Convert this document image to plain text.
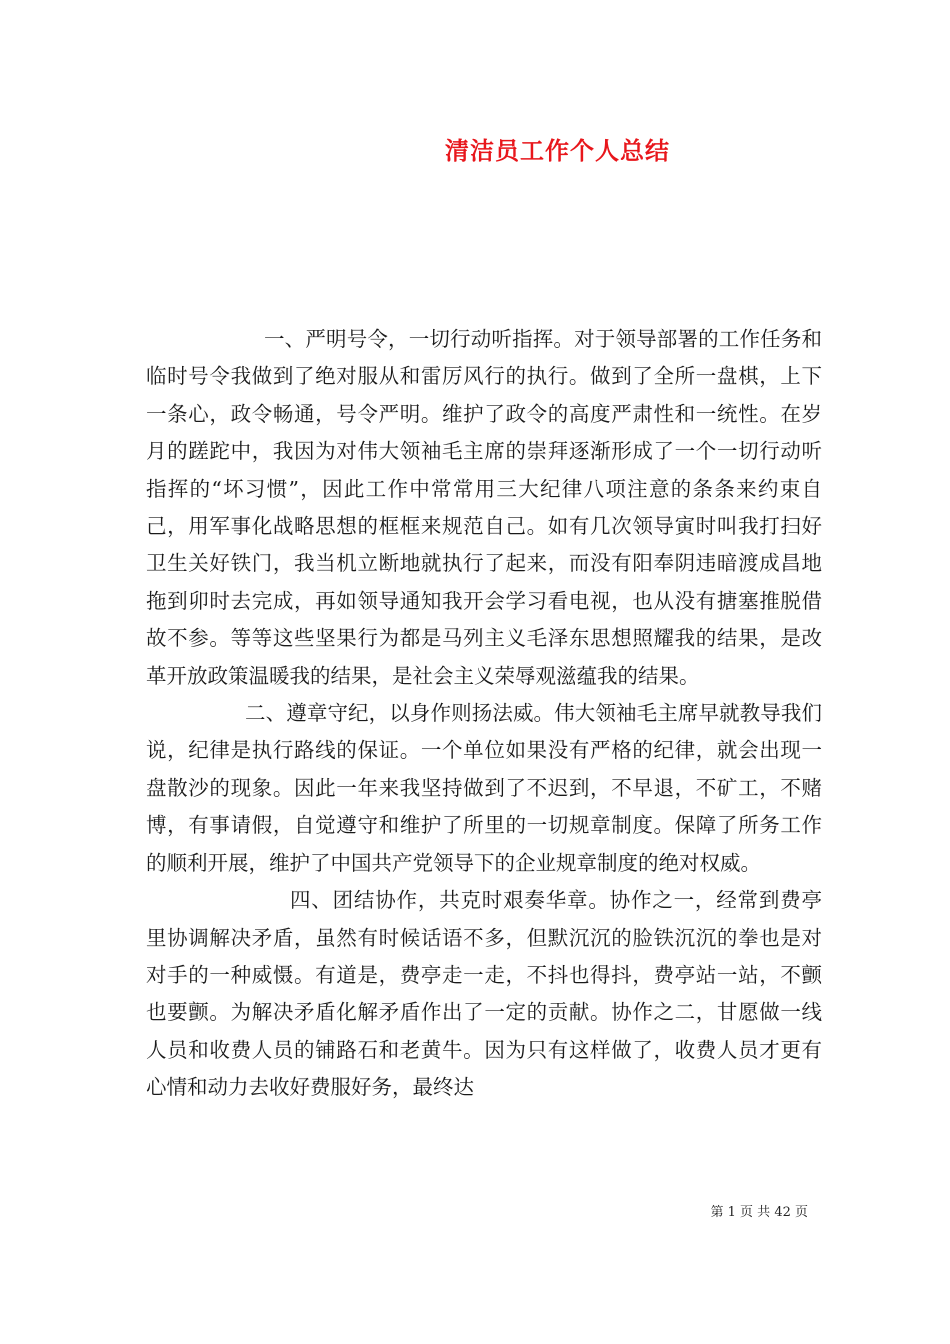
清洁员工作个人总结

一、严明号令，一切行动听指挥。对于领导部署的工作任务和临时号令我做到了绝对服从和雷厉风行的执行。做到了全所一盘棋，上下一条心，政令畅通，号令严明。维护了政令的高度严肃性和一统性。在岁月的蹉跎中，我因为对伟大领袖毛主席的崇拜逐渐形成了一个一切行动听指挥的“坏习惯”，因此工作中常常用三大纪律八项注意的条条来约束自己，用军事化战略思想的框框来规范自己。如有几次领导寅时叫我打扫好卫生关好铁门，我当机立断地就执行了起来，而没有阳奉阴违暗渡成昌地拖到卯时去完成，再如领导通知我开会学习看电视，也从没有搪塞推脱借故不参。等等这些坚果行为都是马列主义毛泽东思想照耀我的结果，是改革开放政策温暖我的结果，是社会主义荣辱观滋蕴我的结果。

二、遵章守纪，以身作则扬法威。伟大领袖毛主席早就教导我们说，纪律是执行路线的保证。一个单位如果没有严格的纪律，就会出现一盘散沙的现象。因此一年来我坚持做到了不迟到，不早退，不矿工，不赌博，有事请假，自觉遵守和维护了所里的一切规章制度。保障了所务工作的顺利开展，维护了中国共产党领导下的企业规章制度的绝对权威。

四、团结协作，共克时艰奏华章。协作之一，经常到费亭里协调解决矛盾，虽然有时候话语不多，但默沉沉的脸铁沉沉的拳也是对对手的一种威慑。有道是，费亭走一走，不抖也得抖，费亭站一站，不颤也要颤。为解决矛盾化解矛盾作出了一定的贡献。协作之二，甘愿做一线人员和收费人员的铺路石和老黄牛。因为只有这样做了，收费人员才更有心情和动力去收好费服好务，最终达

第 1 页 共 42 页
